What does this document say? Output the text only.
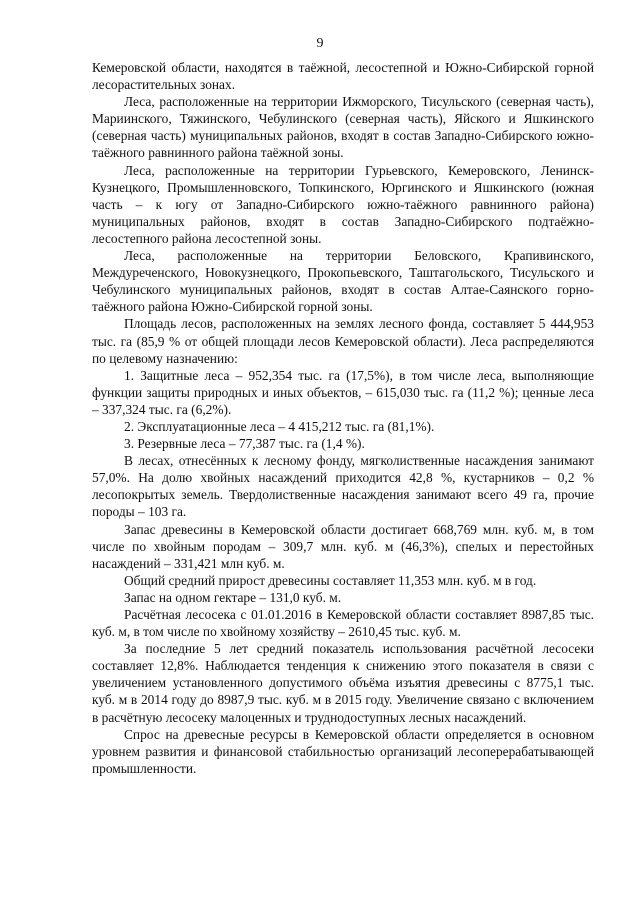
9

Кемеровской области, находятся в таёжной, лесостепной и Южно-Сибирской горной лесорастительных зонах.

Леса, расположенные на территории Ижморского, Тисульского (северная часть), Мариинского, Тяжинского, Чебулинского (северная часть), Яйского и Яшкинского (северная часть) муниципальных районов, входят в состав Западно-Сибирского южно-таёжного равнинного района таёжной зоны.

Леса, расположенные на территории Гурьевского, Кемеровского, Ленинск-Кузнецкого, Промышленновского, Топкинского, Юргинского и Яшкинского (южная часть – к югу от Западно-Сибирского южно-таёжного равнинного района) муниципальных районов, входят в состав Западно-Сибирского подтаёжно-лесостепного района лесостепной зоны.

Леса, расположенные на территории Беловского, Крапивинского, Междуреченского, Новокузнецкого, Прокопьевского, Таштагольского, Тисульского и Чебулинского муниципальных районов, входят в состав Алтае-Саянского горно-таёжного района Южно-Сибирской горной зоны.

Площадь лесов, расположенных на землях лесного фонда, составляет 5 444,953 тыс. га (85,9 % от общей площади лесов Кемеровской области). Леса распределяются по целевому назначению:

1. Защитные леса – 952,354 тыс. га (17,5%), в том числе леса, выполняющие функции защиты природных и иных объектов, – 615,030 тыс. га (11,2 %); ценные леса – 337,324 тыс. га (6,2%).

2. Эксплуатационные леса – 4 415,212 тыс. га (81,1%).

3. Резервные леса – 77,387 тыс. га (1,4 %).

В лесах, отнесённых к лесному фонду, мягколиственные насаждения занимают 57,0%. На долю хвойных насаждений приходится 42,8 %, кустарников – 0,2 % лесопокрытых земель. Твердолиственные насаждения занимают всего 49 га, прочие породы – 103 га.

Запас древесины в Кемеровской области достигает 668,769 млн. куб. м, в том числе по хвойным породам – 309,7 млн. куб. м (46,3%), спелых и перестойных насаждений – 331,421 млн куб. м.

Общий средний прирост древесины составляет 11,353 млн. куб. м в год.

Запас на одном гектаре – 131,0 куб. м.

Расчётная лесосека с 01.01.2016 в Кемеровской области составляет 8987,85 тыс. куб. м, в том числе по хвойному хозяйству – 2610,45 тыс. куб. м.

За последние 5 лет средний показатель использования расчётной лесосеки составляет 12,8%. Наблюдается тенденция к снижению этого показателя в связи с увеличением установленного допустимого объёма изъятия древесины с 8775,1 тыс. куб. м в 2014 году до 8987,9 тыс. куб. м в 2015 году. Увеличение связано с включением в расчётную лесосеку малоценных и труднодоступных лесных насаждений.

Спрос на древесные ресурсы в Кемеровской области определяется в основном уровнем развития и финансовой стабильностью организаций лесоперерабатывающей промышленности.
